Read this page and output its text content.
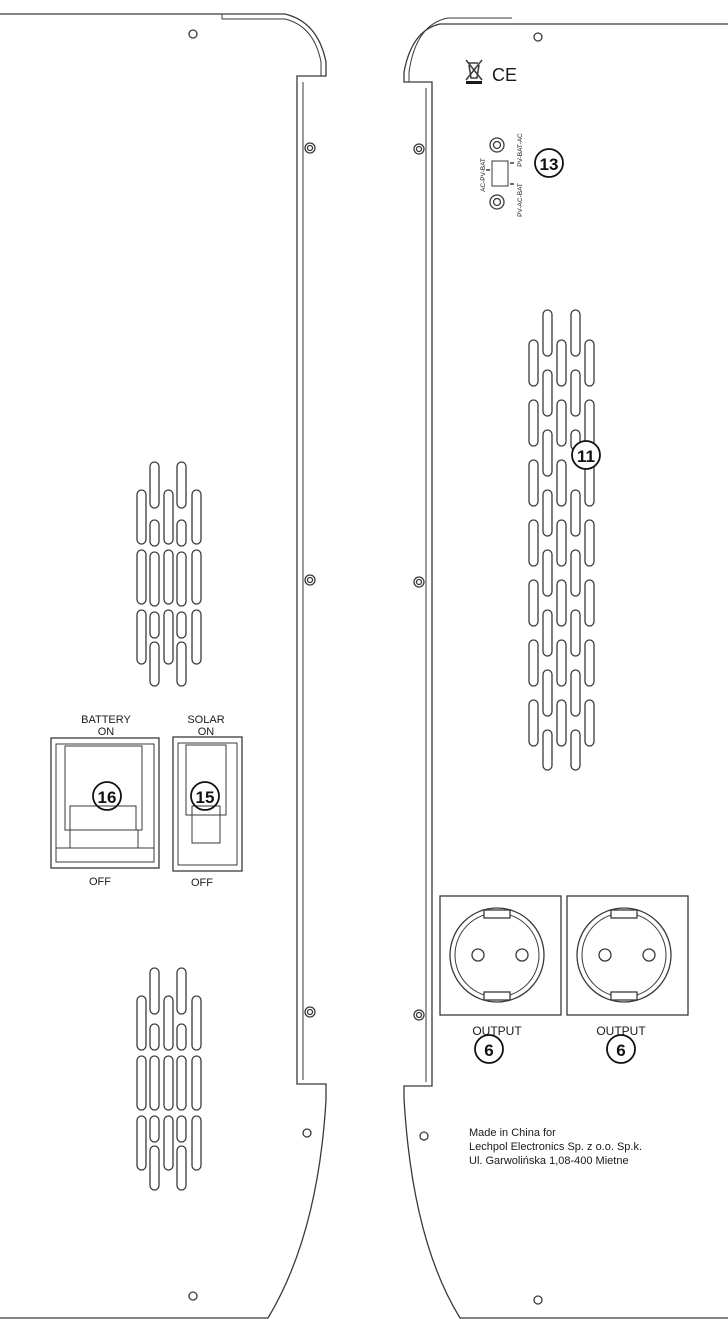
BATTERY
ON
OFF
16
SOLAR
ON
OFF
15
CE
AC-PV-BAT
PV-BAT-AC
PV-AC-BAT
13
11
OUTPUT	OUTPUT
6	6
Made in China for
Lechpol Electronics Sp. z o.o. Sp.k.
Ul. Garwolińska 1,08-400 Mietne
